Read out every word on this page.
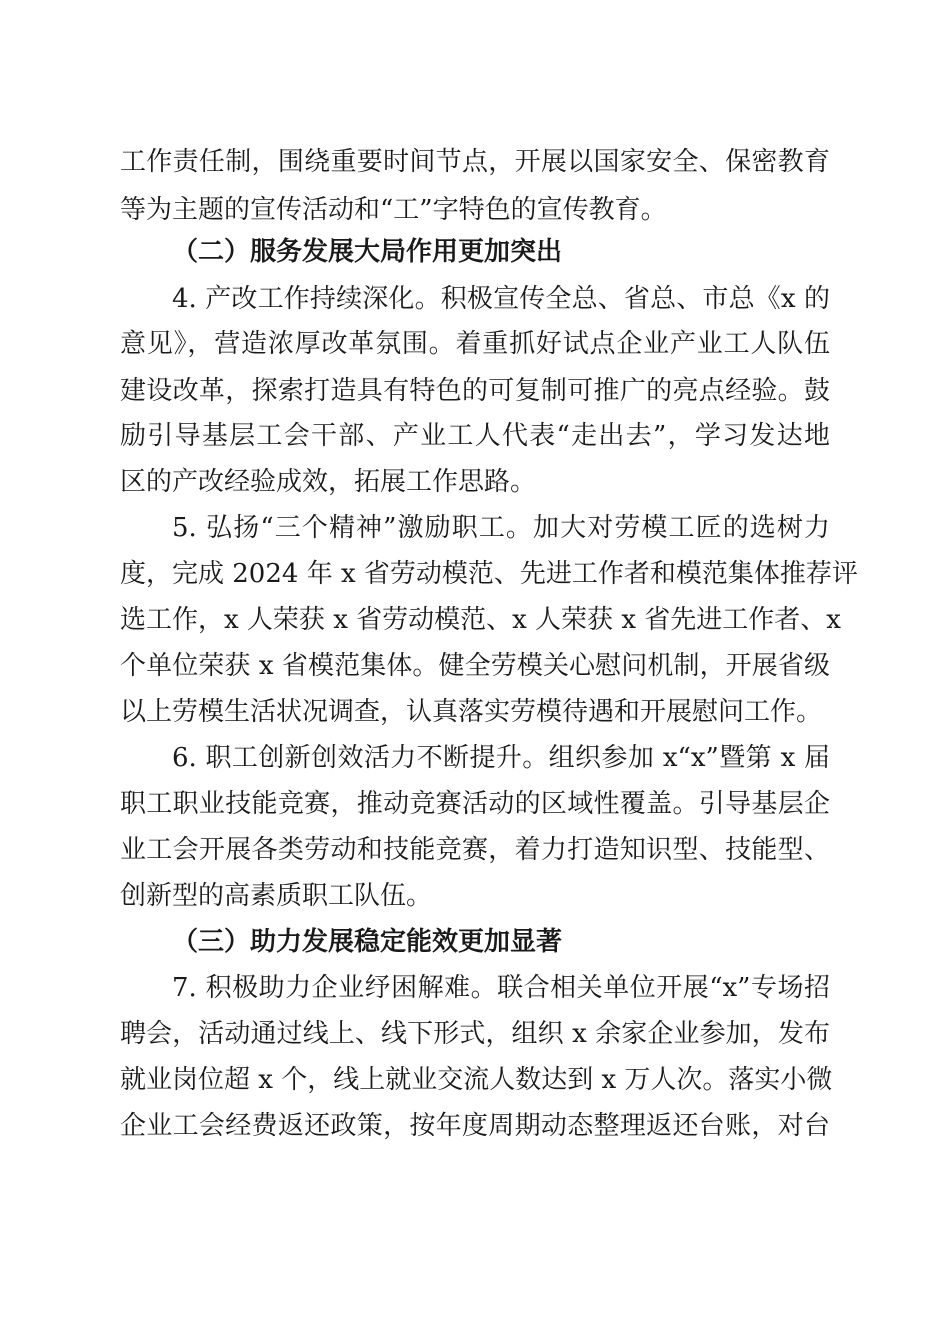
工作责任制，围绕重要时间节点，开展以国家安全、保密教育
等为主题的宣传活动和“工”字特色的宣传教育。
（二）服务发展大局作用更加突出
4. 产改工作持续深化。积极宣传全总、省总、市总《x 的
意见》，营造浓厚改革氛围。着重抓好试点企业产业工人队伍
建设改革，探索打造具有特色的可复制可推广的亮点经验。鼓
励引导基层工会干部、产业工人代表“走出去”，学习发达地
区的产改经验成效，拓展工作思路。
5. 弘扬“三个精神”激励职工。加大对劳模工匠的选树力
度，完成 2024 年 x 省劳动模范、先进工作者和模范集体推荐评
选工作，x 人荣获 x 省劳动模范、x 人荣获 x 省先进工作者、x
个单位荣获 x 省模范集体。健全劳模关心慰问机制，开展省级
以上劳模生活状况调查，认真落实劳模待遇和开展慰问工作。
6. 职工创新创效活力不断提升。组织参加 x“x”暨第 x 届
职工职业技能竞赛，推动竞赛活动的区域性覆盖。引导基层企
业工会开展各类劳动和技能竞赛，着力打造知识型、技能型、
创新型的高素质职工队伍。
（三）助力发展稳定能效更加显著
7. 积极助力企业纾困解难。联合相关单位开展“x”专场招
聘会，活动通过线上、线下形式，组织 x 余家企业参加，发布
就业岗位超 x 个，线上就业交流人数达到 x 万人次。落实小微
企业工会经费返还政策，按年度周期动态整理返还台账，对台
